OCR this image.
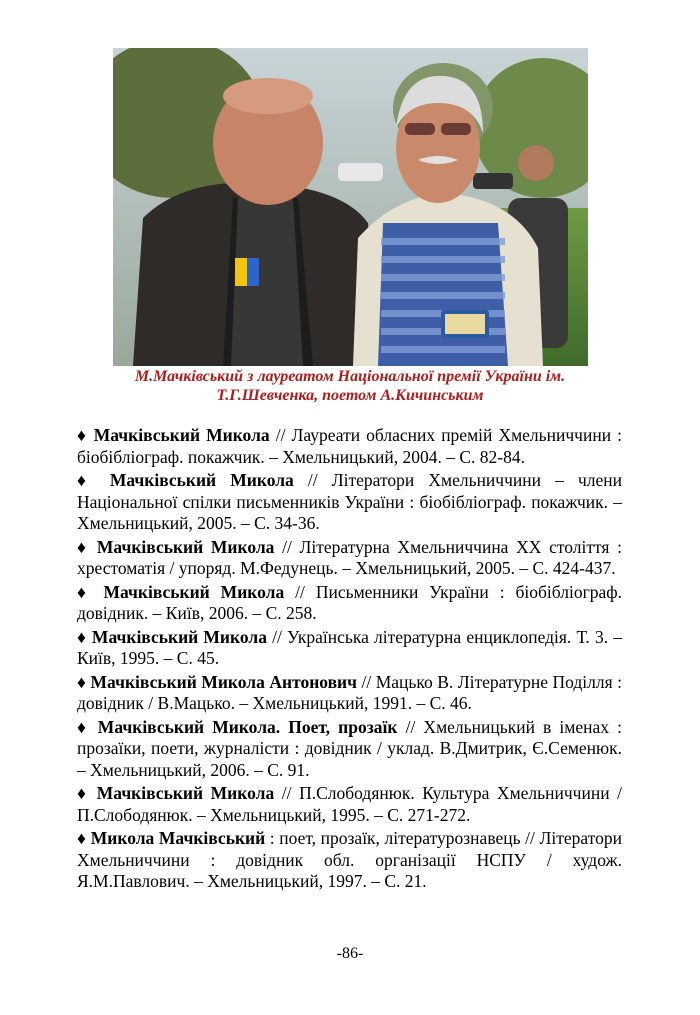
М.Мачківський з лауреатом Національної премії України ім.
Т.Г.Шевченка, поетом А.Кичинським

♦ Мачківський Микола // Лауреати обласних премій Хмельниччини : біобібліограф. покажчик. – Хмельницький, 2004. – С. 82-84.

♦ Мачківський Микола // Літератори Хмельниччини – члени Національної спілки письменників України : біобібліограф. покажчик. – Хмельницький, 2005. – С. 34-36.

♦ Мачківський Микола // Літературна Хмельниччина ХХ століття : хрестоматія / упоряд. М.Федунець. – Хмельницький, 2005. – С. 424-437.

♦ Мачківський Микола // Письменники України : біобібліограф. довідник. – Київ, 2006. – С. 258.

♦ Мачківський Микола // Українська літературна енциклопедія. Т. 3. – Київ, 1995. – С. 45.

♦ Мачківський Микола Антонович // Мацько В. Літературне Поділля : довідник / В.Мацько. – Хмельницький, 1991. – С. 46.

♦ Мачківський Микола. Поет, прозаїк // Хмельницький в іменах : прозаїки, поети, журналісти : довідник / уклад. В.Дмитрик, Є.Семенюк. – Хмельницький, 2006. – С. 91.

♦ Мачківський Микола // П.Слободянюк. Культура Хмельниччини / П.Слободянюк. – Хмельницький, 1995. – С. 271-272.

♦ Микола Мачківський : поет, прозаїк, літературознавець // Літератори Хмельниччини : довідник обл. організації НСПУ / худож. Я.М.Павлович. – Хмельницький, 1997. – С. 21.

-86-
